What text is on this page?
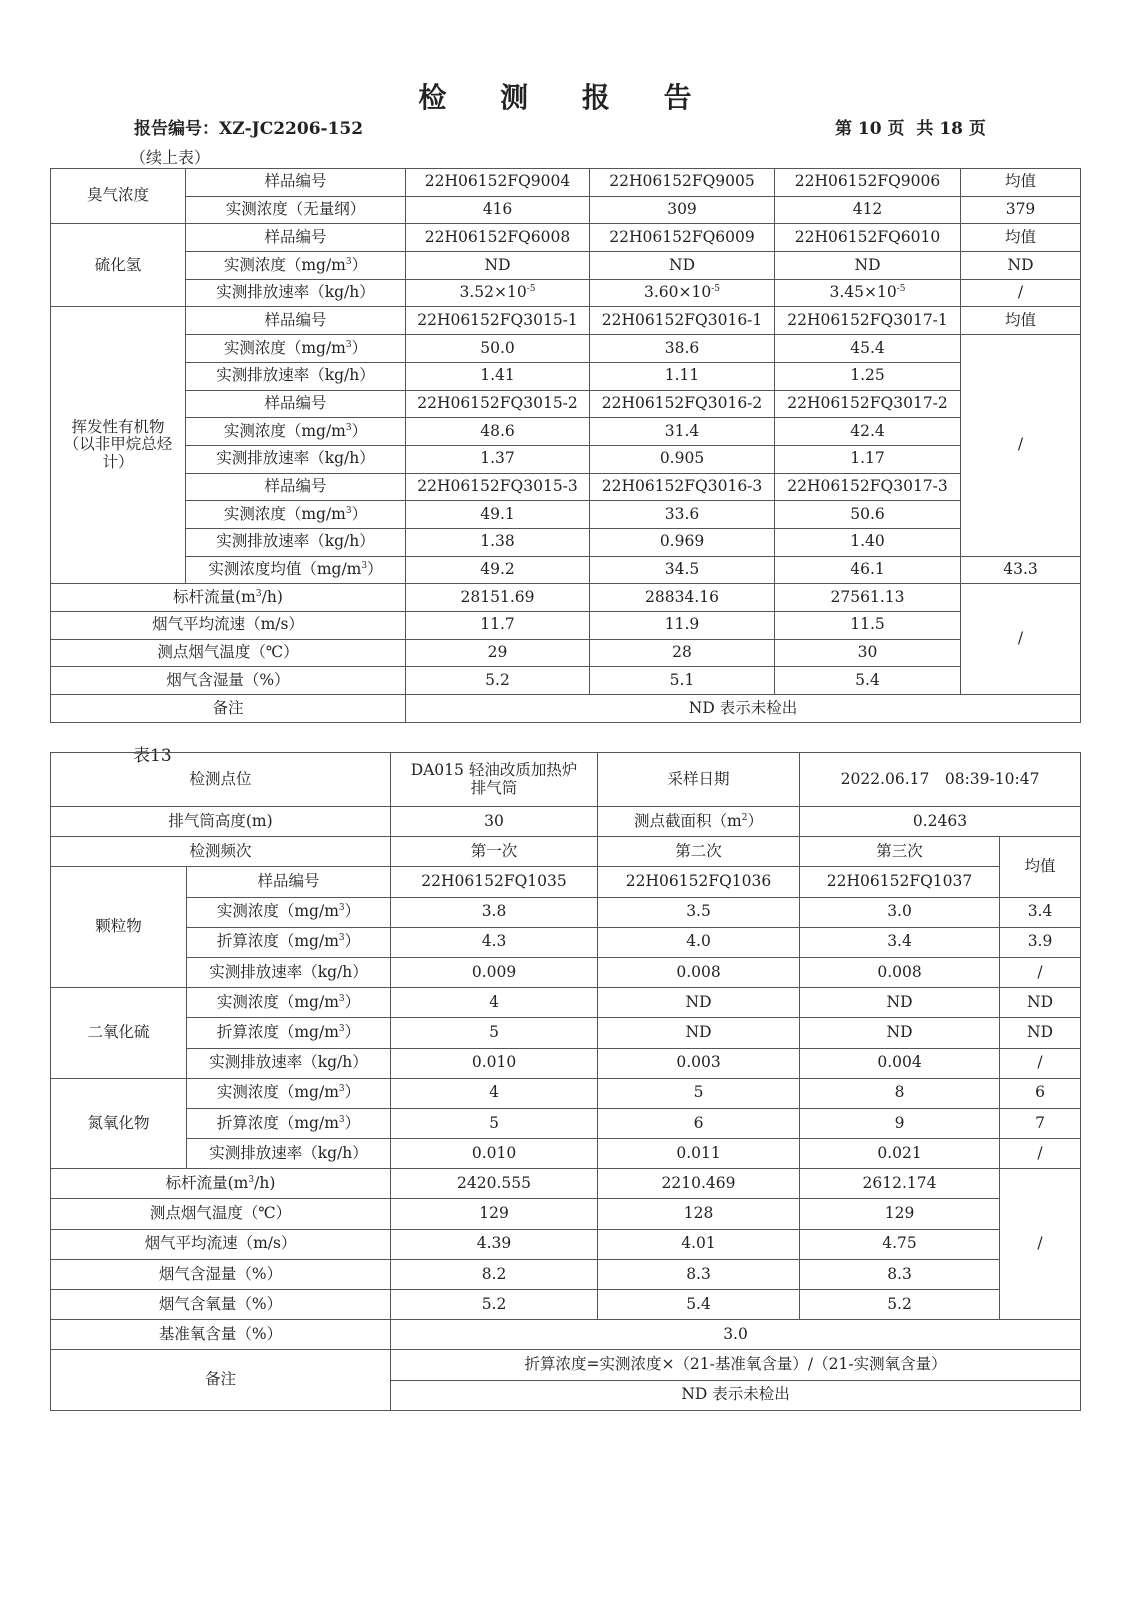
检 测 报 告
报告编号：XZ-JC2206-152	第 10 页 共 18 页
（续上表）
臭气浓度	样品编号	22H06152FQ9004	22H06152FQ9005	22H06152FQ9006	均值
	实测浓度（无量纲）	416	309	412	379
硫化氢	样品编号	22H06152FQ6008	22H06152FQ6009	22H06152FQ6010	均值
	实测浓度$(mg/m^3)$	ND	ND	ND	ND
	实测排放速率（kg/h）	$3.52\times 10^{-5}$	$3.60\times 10^{-5}$	$3.45\times 10^{-5}$	/
挥发性有机物（以非甲烷总烃计）	样品编号	22H06152FQ3015-1	22H06152FQ3016-1	22H06152FQ3017-1	均值
	实测浓度$(mg/m^3)$	50.0	38.6	45.4	/
	实测排放速率（kg/h）	1.41	1.11	1.25	
	样品编号	22H06152FQ3015-2	22H06152FQ3016-2	22H06152FQ3017-2	
	实测浓度$(mg/m^3)$	48.6	31.4	42.4	
	实测排放速率（kg/h）	1.37	0.905	1.17	
	样品编号	22H06152FQ3015-3	22H06152FQ3016-3	22H06152FQ3017-3	
	实测浓度$(mg/m^3)$	49.1	33.6	50.6	
	实测排放速率（kg/h）	1.38	0.969	1.40	
	实测浓度均值$(mg/m^3)$	49.2	34.5	46.1	43.3
标杆流量$(m^3/h)$		28151.69	28834.16	27561.13	/
烟气平均流速（m/s）		11.7	11.9	11.5	
测点烟气温度（℃）		29	28	30	
烟气含湿量（%）		5.2	5.1	5.4	
备注		ND 表示未检出			
表13
检测点位		DA015 轻油改质加热炉排气筒	采样日期	2022.06.17　08:39-10:47	
排气筒高度(m)		30	测点截面积$(m^2)$	0.2463	
检测频次		第一次	第二次	第三次	均值
颗粒物	样品编号	22H06152FQ1035	22H06152FQ1036	22H06152FQ1037	
	实测浓度$(mg/m^3)$	3.8	3.5	3.0	3.4
	折算浓度$(mg/m^3)$	4.3	4.0	3.4	3.9
	实测排放速率（kg/h）	0.009	0.008	0.008	/
二氧化硫	实测浓度$(mg/m^3)$	4	ND	ND	ND
	折算浓度$(mg/m^3)$	5	ND	ND	ND
	实测排放速率（kg/h）	0.010	0.003	0.004	/
氮氧化物	实测浓度$(mg/m^3)$	4	5	8	6
	折算浓度$(mg/m^3)$	5	6	9	7
	实测排放速率（kg/h）	0.010	0.011	0.021	/
标杆流量$(m^3/h)$		2420.555	2210.469	2612.174	/
测点烟气温度（℃）		129	128	129	
烟气平均流速（m/s）		4.39	4.01	4.75	
烟气含湿量（%）		8.2	8.3	8.3	
烟气含氧量（%）		5.2	5.4	5.2	
基准氧含量（%）		3.0			
备注		折算浓度=实测浓度×（21-基准氧含量）/（21-实测氧含量）			
		ND 表示未检出			
